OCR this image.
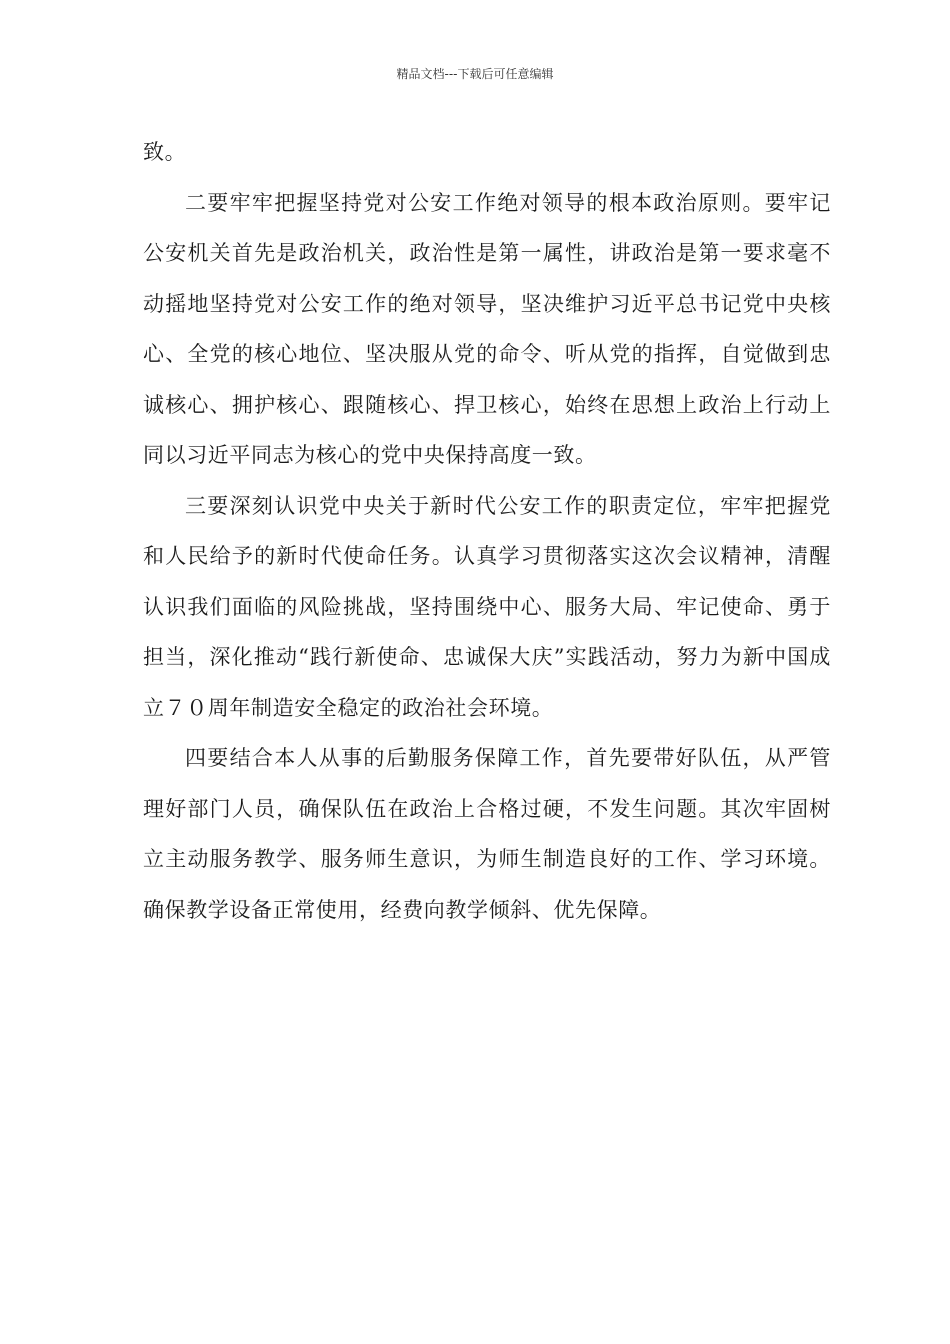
精品文档---下载后可任意编辑

致。

二要牢牢把握坚持党对公安工作绝对领导的根本政治原则。要牢记公安机关首先是政治机关，政治性是第一属性，讲政治是第一要求毫不动摇地坚持党对公安工作的绝对领导，坚决维护习近平总书记党中央核心、全党的核心地位、坚决服从党的命令、听从党的指挥，自觉做到忠诚核心、拥护核心、跟随核心、捍卫核心，始终在思想上政治上行动上同以习近平同志为核心的党中央保持高度一致。

三要深刻认识党中央关于新时代公安工作的职责定位，牢牢把握党和人民给予的新时代使命任务。认真学习贯彻落实这次会议精神，清醒认识我们面临的风险挑战，坚持围绕中心、服务大局、牢记使命、勇于担当，深化推动“践行新使命、忠诚保大庆”实践活动，努力为新中国成立７０周年制造安全稳定的政治社会环境。

四要结合本人从事的后勤服务保障工作，首先要带好队伍，从严管理好部门人员，确保队伍在政治上合格过硬，不发生问题。其次牢固树立主动服务教学、服务师生意识，为师生制造良好的工作、学习环境。确保教学设备正常使用，经费向教学倾斜、优先保障。
